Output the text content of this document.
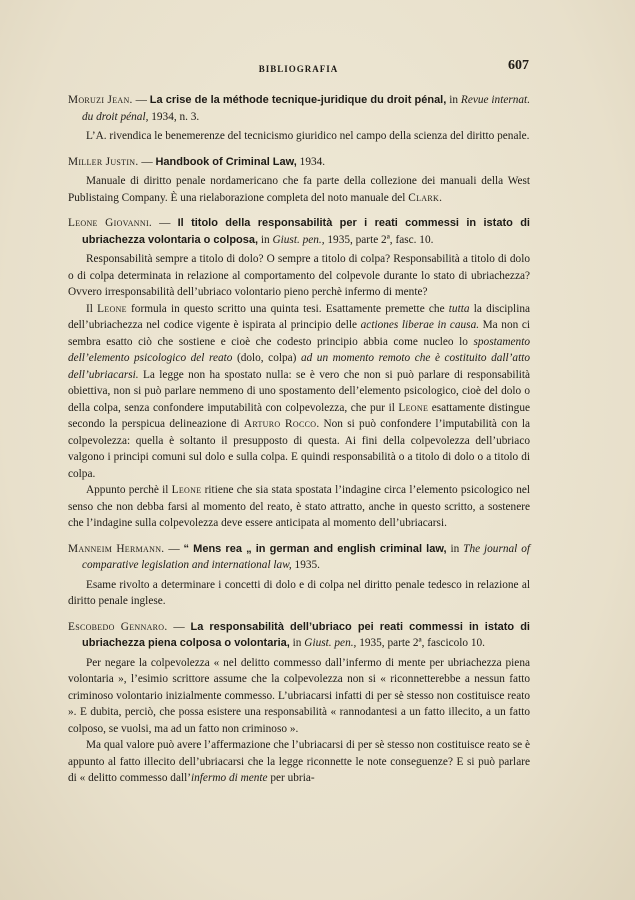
BIBLIOGRAFIA	607

Moruzi Jean. — La crise de la méthode tecnique-juridique du droit pénal, in Revue internat. du droit pénal, 1934, n. 3.

L’A. rivendica le benemerenze del tecnicismo giuridico nel campo della scienza del diritto penale.

Miller Justin. — Handbook of Criminal Law, 1934.

Manuale di diritto penale nordamericano che fa parte della collezione dei manuali della West Publistaing Company. È una rielaborazione completa del noto manuale del Clark.

Leone Giovanni. — Il titolo della responsabilità per i reati commessi in istato di ubriachezza volontaria o colposa, in Giust. pen., 1935, parte 2ª, fasc. 10.

Responsabilità sempre a titolo di dolo? O sempre a titolo di colpa? Responsabilità a titolo di dolo o di colpa determinata in relazione al comportamento del colpevole durante lo stato di ubriachezza? Ovvero irresponsabilità dell’ubriaco volontario pieno perchè infermo di mente?

Il Leone formula in questo scritto una quinta tesi. Esattamente premette che tutta la disciplina dell’ubriachezza nel codice vigente è ispirata al principio delle actiones liberae in causa. Ma non ci sembra esatto ciò che sostiene e cioè che codesto principio abbia come nucleo lo spostamento dell’elemento psicologico del reato (dolo, colpa) ad un momento remoto che è costituito dall’atto dell’ubriacarsi. La legge non ha spostato nulla: se è vero che non si può parlare di responsabilità obiettiva, non si può parlare nemmeno di uno spostamento dell’elemento psicologico, cioè del dolo o della colpa, senza confondere imputabilità con colpevolezza, che pur il Leone esattamente distingue secondo la perspicua delineazione di Arturo Rocco. Non si può confondere l’imputabilità con la colpevolezza: quella è soltanto il presupposto di questa. Ai fini della colpevolezza dell’ubriaco valgono i principi comuni sul dolo e sulla colpa. E quindi responsabilità o a titolo di dolo o a titolo di colpa.

Appunto perchè il Leone ritiene che sia stata spostata l’indagine circa l’elemento psicologico nel senso che non debba farsi al momento del reato, è stato attratto, anche in questo scritto, a sostenere che l’indagine sulla colpevolezza deve essere anticipata al momento dell’ubriacarsi.

Manneim Hermann. — “ Mens rea „ in german and english criminal law, in The journal of comparative legislation and international law, 1935.

Esame rivolto a determinare i concetti di dolo e di colpa nel diritto penale tedesco in relazione al diritto penale inglese.

Escobedo Gennaro. — La responsabilità dell’ubriaco pei reati commessi in istato di ubriachezza piena colposa o volontaria, in Giust. pen., 1935, parte 2ª, fascicolo 10.

Per negare la colpevolezza « nel delitto commesso dall’infermo di mente per ubriachezza piena volontaria », l’esimio scrittore assume che la colpevolezza non si « riconnetterebbe a nessun fatto criminoso volontario inizialmente commesso. L’ubriacarsi infatti di per sè stesso non costituisce reato ». E dubita, perciò, che possa esistere una responsabilità « rannodantesi a un fatto illecito, a un fatto colposo, se vuolsi, ma ad un fatto non criminoso ».

Ma qual valore può avere l’affermazione che l’ubriacarsi di per sè stesso non costituisce reato se è appunto al fatto illecito dell’ubriacarsi che la legge riconnette le note conseguenze? E si può parlare di « delitto commesso dall’infermo di mente per ubria-
